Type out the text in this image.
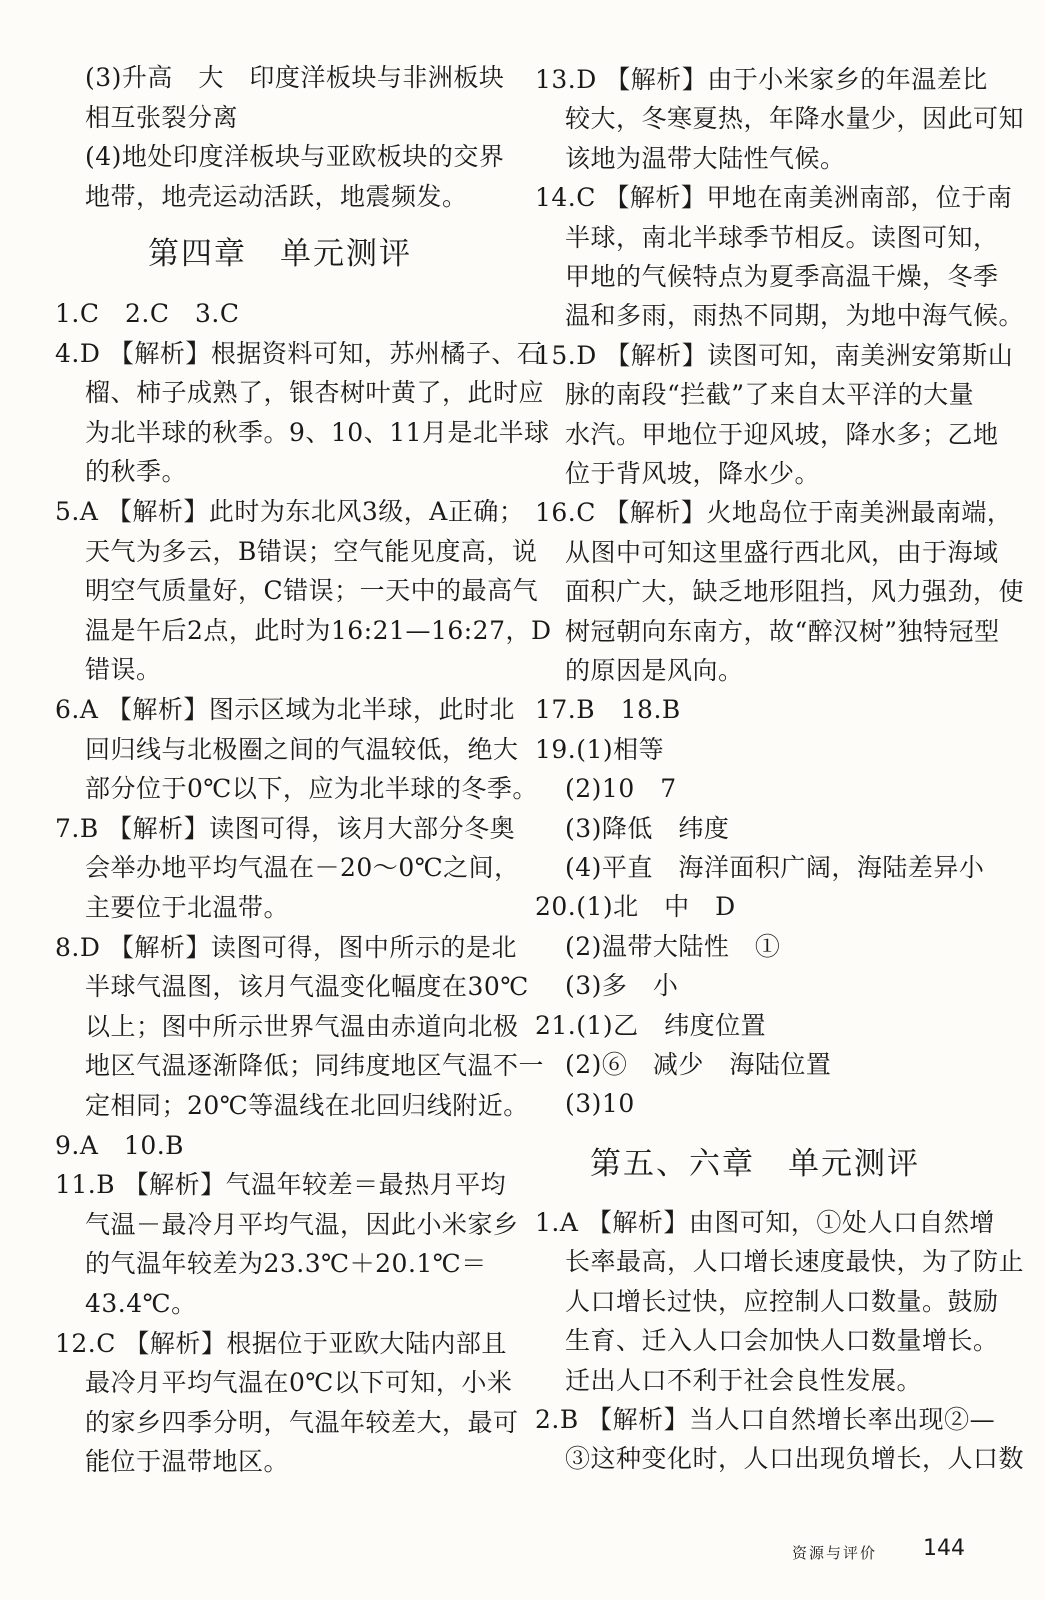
(3)升高　大　印度洋板块与非洲板块
相互张裂分离
(4)地处印度洋板块与亚欧板块的交界
地带，地壳运动活跃，地震频发。
第四章　单元测评
1.C　2.C　3.C
4.D 【解析】根据资料可知，苏州橘子、石
榴、柿子成熟了，银杏树叶黄了，此时应
为北半球的秋季。9、10、11月是北半球
的秋季。
5.A 【解析】此时为东北风3级，A正确；
天气为多云，B错误；空气能见度高，说
明空气质量好，C错误；一天中的最高气
温是午后2点，此时为16:21—16:27，D
错误。
6.A 【解析】图示区域为北半球，此时北
回归线与北极圈之间的气温较低，绝大
部分位于0℃以下，应为北半球的冬季。
7.B 【解析】读图可得，该月大部分冬奥
会举办地平均气温在－20～0℃之间，
主要位于北温带。
8.D 【解析】读图可得，图中所示的是北
半球气温图，该月气温变化幅度在30℃
以上；图中所示世界气温由赤道向北极
地区气温逐渐降低；同纬度地区气温不一
定相同；20℃等温线在北回归线附近。
9.A　10.B
11.B 【解析】气温年较差＝最热月平均
气温－最冷月平均气温，因此小米家乡
的气温年较差为23.3℃＋20.1℃＝
43.4℃。
12.C 【解析】根据位于亚欧大陆内部且
最冷月平均气温在0℃以下可知，小米
的家乡四季分明，气温年较差大，最可
能位于温带地区。
13.D 【解析】由于小米家乡的年温差比
较大，冬寒夏热，年降水量少，因此可知
该地为温带大陆性气候。
14.C 【解析】甲地在南美洲南部，位于南
半球，南北半球季节相反。读图可知，
甲地的气候特点为夏季高温干燥，冬季
温和多雨，雨热不同期，为地中海气候。
15.D 【解析】读图可知，南美洲安第斯山
脉的南段“拦截”了来自太平洋的大量
水汽。甲地位于迎风坡，降水多；乙地
位于背风坡，降水少。
16.C 【解析】火地岛位于南美洲最南端，
从图中可知这里盛行西北风，由于海域
面积广大，缺乏地形阻挡，风力强劲，使
树冠朝向东南方，故“醉汉树”独特冠型
的原因是风向。
17.B　18.B
19.(1)相等
(2)10　7
(3)降低　纬度
(4)平直　海洋面积广阔，海陆差异小
20.(1)北　中　D
(2)温带大陆性　①
(3)多　小
21.(1)乙　纬度位置
(2)⑥　减少　海陆位置
(3)10
第五、六章　单元测评
1.A 【解析】由图可知，①处人口自然增
长率最高，人口增长速度最快，为了防止
人口增长过快，应控制人口数量。鼓励
生育、迁入人口会加快人口数量增长。
迁出人口不利于社会良性发展。
2.B 【解析】当人口自然增长率出现②—
③这种变化时，人口出现负增长，人口数
资源与评价 144
